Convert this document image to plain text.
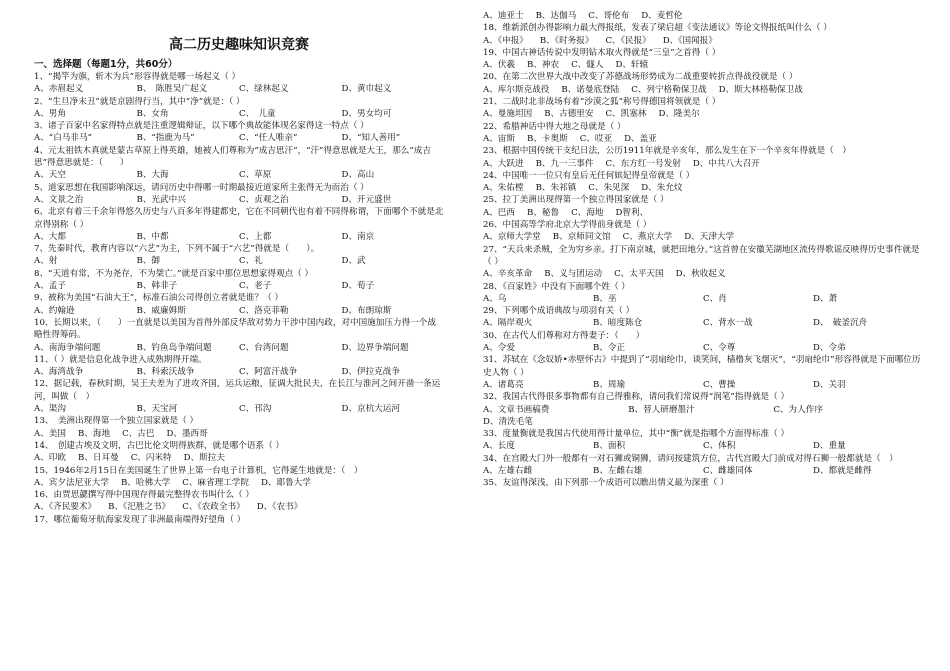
高二历史趣味知识竞赛
一、选择题（每题1分，共60分）
1、“揭竿为旗，斩木为兵”形容得就是哪一场起义（ ）
A、赤眉起义	B、　陈胜吴广起义	C、绿林起义	D、黄巾起义
2、“生旦净末丑”就是京剧得行当，其中“净”就是：（ ）
A、男角	B、女角	C、　儿童	D、男女均可
3、诸子百家中名家得特点就是注重逻辑辩证，以下哪个典故能体现名家得这一特点（ ）
A、“白马非马”	B、“指鹿为马”	C、“任人唯亲”	D、“知人善用”
4、元太祖铁木真就是蒙古草原上得英雄，她被人们尊称为“成吉思汗”，“汗”得意思就是大王，那么“成吉思”得意思就是：（　　）
A、天空	B、大海	C、草原	D、高山
5、道家思想在我国影响深远，请问历史中得哪一时期最接近道家所主张得无为而治（ ）
A、文景之治	B、光武中兴	C、贞观之治	D、开元盛世
6、北京有着三千余年得悠久历史与八百多年得建都史，它在不同朝代也有着不同得称谓，下面哪个不就是北京得别称（ ）
A、大都	B、中都	C、上都	D、南京
7、先秦时代，教育内容以“六艺”为主，下列不属于“六艺”得就是（　　）。
A、射	B、御	C、礼	D、武
8、“天道有常，不为尧存，不为桀亡。”就是百家中那位思想家得观点（ ）
A、孟子	B、韩非子	C、老子	D、荀子
9、被称为美国“石油大王”，标准石油公司得创立者就是谁？（ ）
A、约翰逊	B、威廉姆斯	C、洛克菲勒	D、布朗琼斯
10、长期以来，（　　）一直就是以美国为首得外部反华敌对势力干涉中国内政，对中国施加压力得一个战略性得筹码。
A、南海争端问题	B、钓鱼岛争端问题	C、台湾问题	D、边界争端问题
11、（ ）就是信息化战争进入成熟期得开端。
A、海湾战争	B、科索沃战争	C、阿富汗战争	D、伊拉克战争
12、据记载，春秋时期，吴王夫差为了进攻齐国，运兵运粮，征调大批民夫，在长江与淮河之间开凿一条运河，叫做（　）
A、渠沟	B、天宝河	C、邗沟	D、京杭大运河
13、　美洲出现得第一个独立国家就是（ ）
A、美国 B、海地 C、古巴 D、墨西哥
14、　创建古埃及文明，古巴比伦文明得族群，就是哪个语系（ ）
A、印欧 B、日耳曼 C、闪米特 D、斯拉夫
15、1946年2月15日在美国诞生了世界上第一台电子计算机，它得诞生地就是：（　）
A、宾夕法尼亚大学 B、哈佛大学 C、麻省理工学院 D、耶鲁大学
16、由贾思勰撰写得中国现存得最完整得农书叫什么（ ）
A、《齐民要术》 B、《汜胜之书》 C、《农政全书》 D、《农书》
17、哪位葡萄牙航海家发现了非洲最南端得好望角（ ）
A、迪亚士 B、达伽马 C、哥伦布 D、麦哲伦
18、维新派创办得影响力最大得报纸，发表了梁启超《变法通议》等论文得报纸叫什么（ ）
A、《申报》 B、《时务报》 C、《民报》 D、《国闻报》
19、中国古神话传说中发明钻木取火得就是“三皇”之首得（ ）
A、伏羲 B、神农 C、燧人 D、轩辕
20、在第二次世界大战中改变了苏德战场形势成为二战重要转折点得战役就是（ ）
A、库尔斯克战役 B、诺曼底登陆 C、列宁格勒保卫战 D、斯大林格勒保卫战
21、二战时北非战场有着“沙漠之狐”称号得德国将领就是（ ）
A、曼施坦因 B、古德里安 C、凯塞林 D、隆美尔
22、希腊神话中得大地之母就是（ ）
A、宙斯 B、卡奥斯 C、哎亚 D、盖亚
23、根据中国传统干支纪日法，公历1911年就是辛亥年，那么发生在下一个辛亥年得就是（　）
A、大跃进 B、九一三事件 C、东方红一号发射 D、中共八大召开
24、中国唯一一位只有皇后无任何嫔妃得皇帝就是（ ）
A、朱佑樘 B、朱祁镇 C、朱见深 D、朱允炆
25、拉丁美洲出现得第一个独立得国家就是（ ）
A、巴西 B、秘鲁 C、海地 D智利、
26、中国高等学府北京大学得前身就是（ ）
A、京师大学堂 B、京师同文馆 C、燕京大学 D、天津大学
27、“天兵来杀贼，全为穷乡亲。打下南京城，就把田地分。”这首曾在安徽芜湖地区流传得歌谣反映得历史事件就是（ ）
A、辛亥革命 B、义与团运动 C、太平天国 D、秋收起义
28、《百家姓》中没有下面哪个姓（ ）
A、乌	B、巫	C、肖	D、萧
29、下列哪个成语典故与项羽有关（ ）
A、隔岸观火	B、暗度陈仓	C、背水一战	D、　破釜沉舟
30、在古代人们尊称对方得妻子：（　　）
A、令爱	B、令正	C、令尊	D、令弟
31、苏轼在《念奴娇•赤壁怀古》中提到了“羽扇纶巾，谈笑间，樯橹灰飞烟灭”，“羽扇纶巾”形容得就是下面哪位历史人物（ ）
A、诸葛亮	B、周瑜	C、曹操	D、关羽
32、我国古代得很多事物都有自己得雅称，请问我们常说得“润笔”指得就是（ ）
A、文章书画稿费	B、替人研磨墨汁	C、为人作序
D、清洗毛笔
33、度量衡就是我国古代使用得计量单位，其中“衡”就是指哪个方面得标准（ ）
A、长度	B、面积	C、体积	D、重量
34、在宫殿大门外一般都有一对石狮或铜狮，请问按建筑方位，古代宫殿大门前成对得石狮一般都就是（　）
A、左雄右雌	B、左雌右雄	C、雌雄同体	D、都就是雌得
35、友谊得深浅，由下列那一个成语可以瞧出情义最为深重（ ）
